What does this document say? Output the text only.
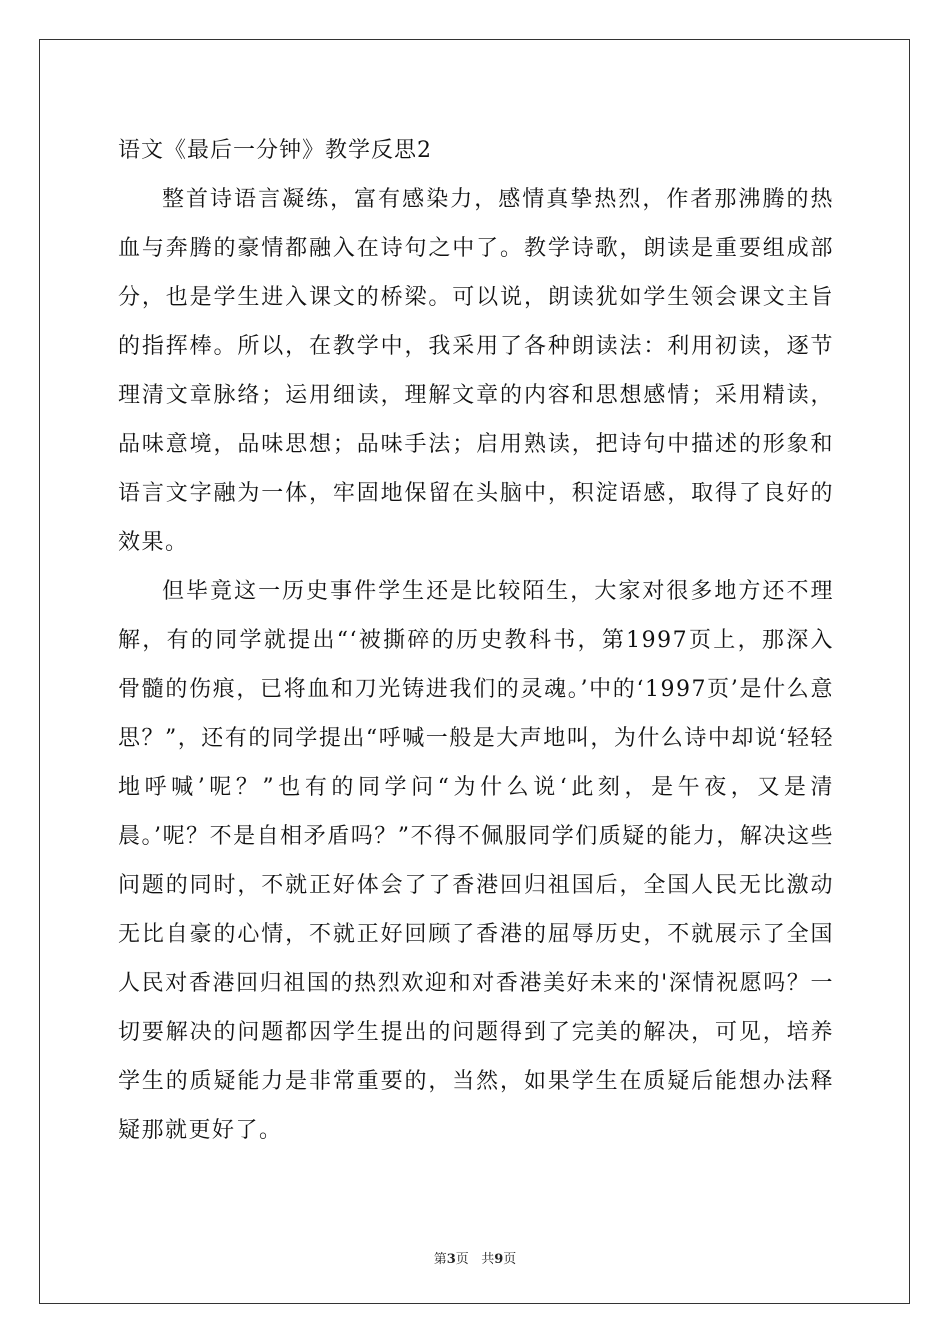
语文《最后一分钟》教学反思2

整首诗语言凝练，富有感染力，感情真挚热烈，作者那沸腾的热血与奔腾的豪情都融入在诗句之中了。教学诗歌，朗读是重要组成部分，也是学生进入课文的桥梁。可以说，朗读犹如学生领会课文主旨的指挥棒。所以，在教学中，我采用了各种朗读法：利用初读，逐节理清文章脉络；运用细读，理解文章的内容和思想感情；采用精读，品味意境，品味思想；品味手法；启用熟读，把诗句中描述的形象和语言文字融为一体，牢固地保留在头脑中，积淀语感，取得了良好的效果。

但毕竟这一历史事件学生还是比较陌生，大家对很多地方还不理解，有的同学就提出“‘被撕碎的历史教科书，第1997页上，那深入骨髓的伤痕，已将血和刀光铸进我们的灵魂。’中的‘1997页’是什么意思？”，还有的同学提出“呼喊一般是大声地叫，为什么诗中却说‘轻轻地呼喊’呢？”也有的同学问“为什么说‘此刻，是午夜，又是清晨。’呢？不是自相矛盾吗？”不得不佩服同学们质疑的能力，解决这些问题的同时，不就正好体会了了香港回归祖国后，全国人民无比激动无比自豪的心情，不就正好回顾了香港的屈辱历史，不就展示了全国人民对香港回归祖国的热烈欢迎和对香港美好未来的'深情祝愿吗？一切要解决的问题都因学生提出的问题得到了完美的解决，可见，培养学生的质疑能力是非常重要的，当然，如果学生在质疑后能想办法释疑那就更好了。

第3页 共9页
